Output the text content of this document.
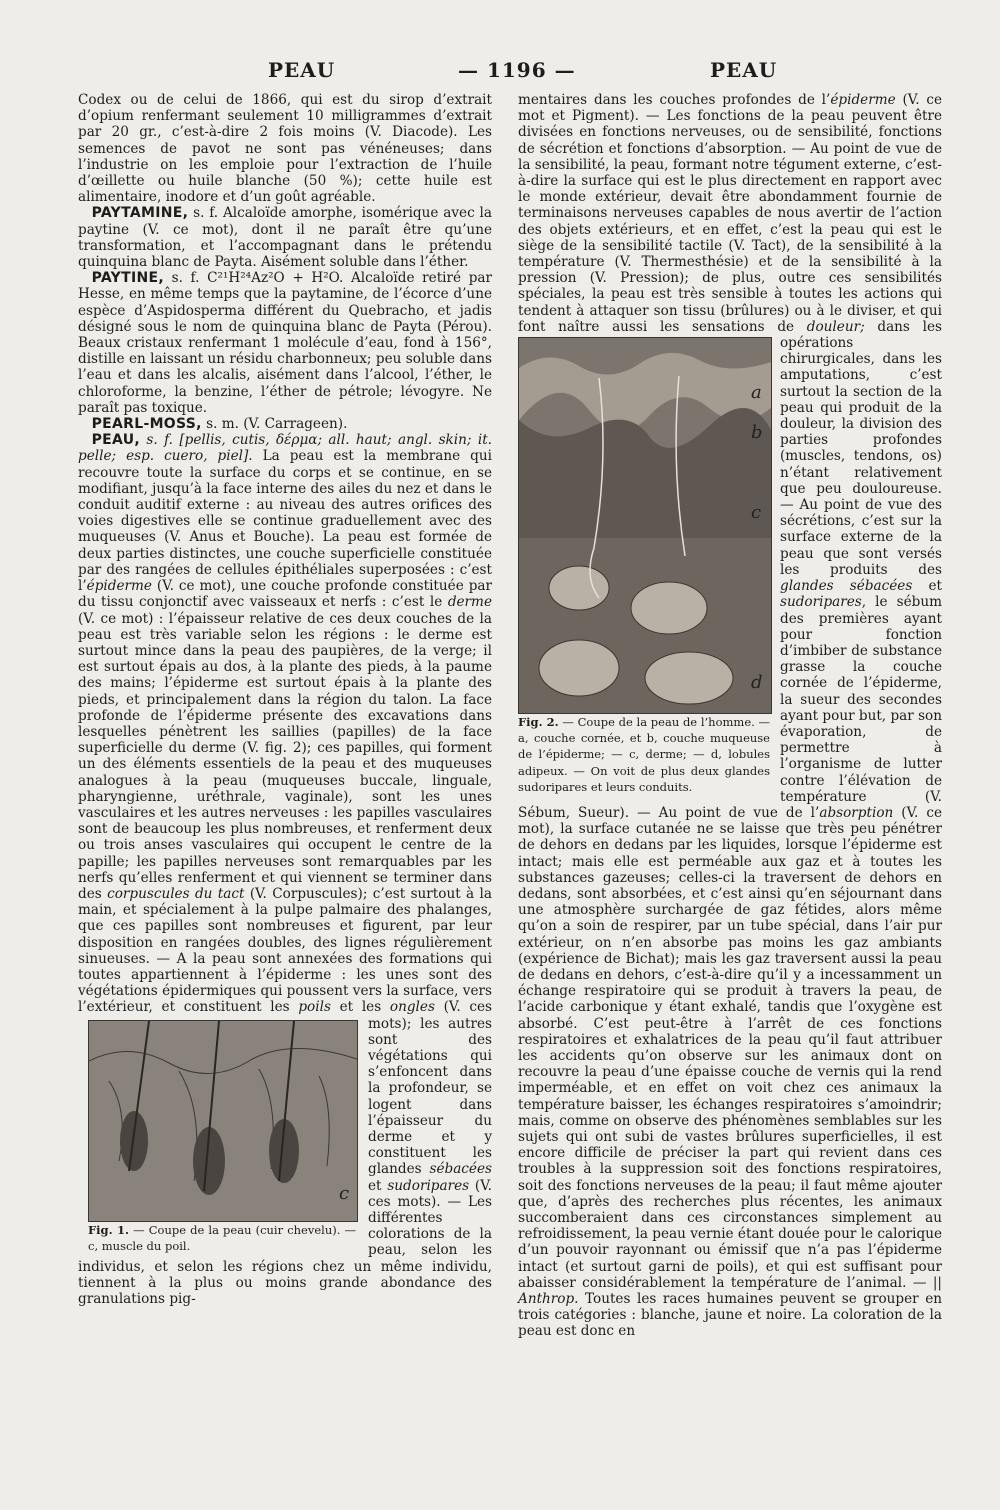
PEAU	— 1196 —	PEAU

Codex ou de celui de 1866, qui est du sirop d’extrait d’opium renfermant seulement 10 milligrammes d’extrait par 20 gr., c’est-à-dire 2 fois moins (V. Diacode). Les semences de pavot ne sont pas vénéneuses; dans l’industrie on les emploie pour l’extraction de l’huile d’œillette ou huile blanche (50 %); cette huile est alimentaire, inodore et d’un goût agréable.

 PAYTAMINE, s. f. Alcaloïde amorphe, isomérique avec la paytine (V. ce mot), dont il ne paraît être qu’une transformation, et l’accompagnant dans le prétendu quinquina blanc de Payta. Aisément soluble dans l’éther.

 PAYTINE, s. f. C²¹H²⁴Az²O + H²O. Alcaloïde retiré par Hesse, en même temps que la paytamine, de l’écorce d’une espèce d’Aspidosperma différent du Quebracho, et jadis désigné sous le nom de quinquina blanc de Payta (Pérou). Beaux cristaux renfermant 1 molécule d’eau, fond à 156°, distille en laissant un résidu charbonneux; peu soluble dans l’eau et dans les alcalis, aisément dans l’alcool, l’éther, le chloroforme, la benzine, l’éther de pétrole; lévogyre. Ne paraît pas toxique.

 PEARL-MOSS, s. m. (V. Carrageen).

 PEAU, s. f. [pellis, cutis, δέρμα; all. haut; angl. skin; it. pelle; esp. cuero, piel]. La peau est la membrane qui recouvre toute la surface du corps et se continue, en se modifiant, jusqu’à la face interne des ailes du nez et dans le conduit auditif externe : au niveau des autres orifices des voies digestives elle se continue graduellement avec des muqueuses (V. Anus et Bouche). La peau est formée de deux parties distinctes, une couche superficielle constituée par des rangées de cellules épithéliales superposées : c’est l’épiderme (V. ce mot), une couche profonde constituée par du tissu conjonctif avec vaisseaux et nerfs : c’est le derme (V. ce mot) : l’épaisseur relative de ces deux couches de la peau est très variable selon les régions : le derme est surtout mince dans la peau des paupières, de la verge; il est surtout épais au dos, à la plante des pieds, à la paume des mains; l’épiderme est surtout épais à la plante des pieds, et principalement dans la région du talon. La face profonde de l’épiderme présente des excavations dans lesquelles pénètrent les saillies (papilles) de la face superficielle du derme (V. fig. 2); ces papilles, qui forment un des éléments essentiels de la peau et des muqueuses analogues à la peau (muqueuses buccale, linguale, pharyngienne, uréthrale, vaginale), sont les unes vasculaires et les autres nerveuses : les papilles vasculaires sont de beaucoup les plus nombreuses, et renferment deux ou trois anses vasculaires qui occupent le centre de la papille; les papilles nerveuses sont remarquables par les nerfs qu’elles renferment et qui viennent se terminer dans des corpuscules du tact (V. Corpuscules); c’est surtout à la main, et spécialement à la pulpe palmaire des phalanges, que ces papilles sont nombreuses et figurent, par leur disposition en rangées doubles, des lignes régulièrement sinueuses. — A la peau sont annexées des formations qui toutes appartiennent à l’épiderme : les unes sont des végétations épidermiques qui poussent vers la surface, vers l’extérieur, et constituent les
c
Fig. 1. — Coupe de la peau (cuir chevelu). — c, muscle du poil.
poils et les ongles (V. ces mots); les autres sont des végétations qui s’enfoncent dans la profondeur, se logent dans l’épaisseur du derme et y constituent les glandes sébacées et sudoripares (V. ces mots). — Les différentes colorations de la peau, selon les individus, et selon les régions chez un même individu, tiennent à la plus ou moins grande abondance des granulations pig-

mentaires dans les couches profondes de l’épiderme (V. ce mot et Pigment). — Les fonctions de la peau peuvent être divisées en fonctions nerveuses, ou de sensibilité, fonctions de sécrétion et fonctions d’absorption. — Au point de vue de la sensibilité, la peau, formant notre tégument externe, c’est-à-dire la surface qui est le plus directement en rapport avec le monde extérieur, devait être abondamment fournie de terminaisons nerveuses capables de nous avertir de l’action des objets extérieurs, et en effet, c’est la peau qui est le siège de la sensibilité tactile (V. Tact), de la sensibilité à la température (V. Thermesthésie) et de la sensibilité à la pression (V. Pression); de plus, outre ces sensibilités spéciales, la peau est très sensible à toutes les actions qui tendent à attaquer son tissu (brûlures) ou à le diviser, et qui font naître aussi les sensations de
a
b
c
d
Fig. 2. — Coupe de la peau de l’homme. — a, couche cornée, et b, couche muqueuse de l’épiderme; — c, derme; — d, lobules adipeux. — On voit de plus deux glandes sudoripares et leurs conduits.
douleur; dans les opérations chirurgicales, dans les amputations, c’est surtout la section de la peau qui produit de la douleur, la division des parties profondes (muscles, tendons, os) n’étant relativement que peu douloureuse. — Au point de vue des sécrétions, c’est sur la surface externe de la peau que sont versés les produits des glandes sébacées et sudoripares, le sébum des premières ayant pour fonction d’imbiber de substance grasse la couche cornée de l’épiderme, la sueur des secondes ayant pour but, par son évaporation, de permettre à l’organisme de lutter contre l’élévation de température (V. Sébum, Sueur). — Au point de vue de l’absorption (V. ce mot), la surface cutanée ne se laisse que très peu pénétrer de dehors en dedans par les liquides, lorsque l’épiderme est intact; mais elle est perméable aux gaz et à toutes les substances gazeuses; celles-ci la traversent de dehors en dedans, sont absorbées, et c’est ainsi qu’en séjournant dans une atmosphère surchargée de gaz fétides, alors même qu’on a soin de respirer, par un tube spécial, dans l’air pur extérieur, on n’en absorbe pas moins les gaz ambiants (expérience de Bichat); mais les gaz traversent aussi la peau de dedans en dehors, c’est-à-dire qu’il y a incessamment un échange respiratoire qui se produit à travers la peau, de l’acide carbonique y étant exhalé, tandis que l’oxygène est absorbé. C’est peut-être à l’arrêt de ces fonctions respiratoires et exhalatrices de la peau qu’il faut attribuer les accidents qu’on observe sur les animaux dont on recouvre la peau d’une épaisse couche de vernis qui la rend imperméable, et en effet on voit chez ces animaux la température baisser, les échanges respiratoires s’amoindrir; mais, comme on observe des phénomènes semblables sur les sujets qui ont subi de vastes brûlures superficielles, il est encore difficile de préciser la part qui revient dans ces troubles à la suppression soit des fonctions respiratoires, soit des fonctions nerveuses de la peau; il faut même ajouter que, d’après des recherches plus récentes, les animaux succomberaient dans ces circonstances simplement au refroidissement, la peau vernie étant douée pour le calorique d’un pouvoir rayonnant ou émissif que n’a pas l’épiderme intact (et surtout garni de poils), et qui est suffisant pour abaisser considérablement la température de l’animal. — || Anthrop. Toutes les races humaines peuvent se grouper en trois catégories : blanche, jaune et noire. La coloration de la peau est donc en
